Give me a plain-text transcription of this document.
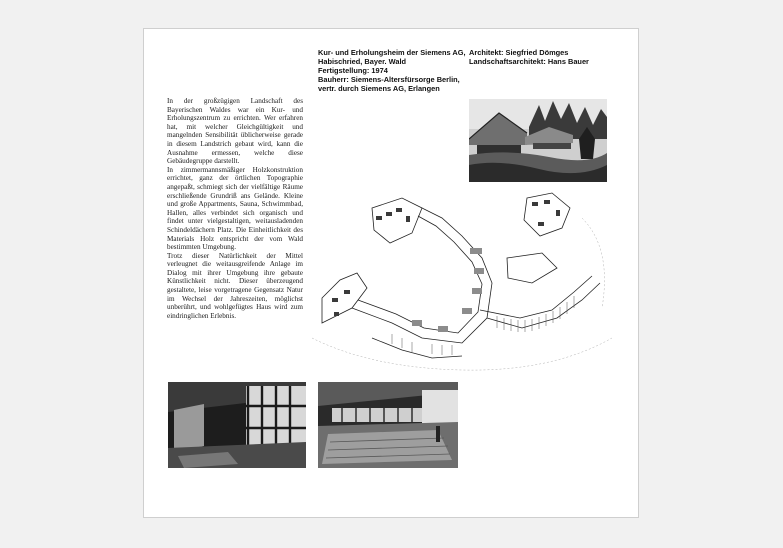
Kur- und Erholungsheim der Siemens AG,
Habischried, Bayer. Wald
Fertigstellung: 1974
Bauherr: Siemens-Altersfürsorge Berlin,
vertr. durch Siemens AG, Erlangen
Architekt: Siegfried Dömges
Landschaftsarchitekt: Hans Bauer

In der großzügigen Landschaft des Bayerischen Waldes war ein Kur- und Erholungszentrum zu errichten. Wer erfahren hat, mit welcher Gleichgültigkeit und mangelnden Sensibilität üblicherweise gerade in diesem Landstrich gebaut wird, kann die Ausnahme ermessen, welche diese Gebäudegruppe darstellt.

In zimmermannsmäßiger Holzkonstruktion errichtet, ganz der örtlichen Topographie angepaßt, schmiegt sich der vielfältige Räume erschließende Grundriß ans Gelände. Kleine und große Appartments, Sauna, Schwimmbad, Hallen, alles verbindet sich organisch und findet unter vielgestaltigen, weitausladenden Schindeldächern Platz. Die Einheitlichkeit des Materials Holz entspricht der vom Wald bestimmten Umgebung.

Trotz dieser Natürlichkeit der Mittel verleugnet die weitausgreifende Anlage im Dialog mit ihrer Umgebung ihre gebaute Künstlichkeit nicht. Dieser überzeugend gestaltete, leise vorgetragene Gegensatz Natur im Wechsel der Jahreszeiten, möglichst unberührt, und wohlgefügtes Haus wird zum eindringlichen Erlebnis.
